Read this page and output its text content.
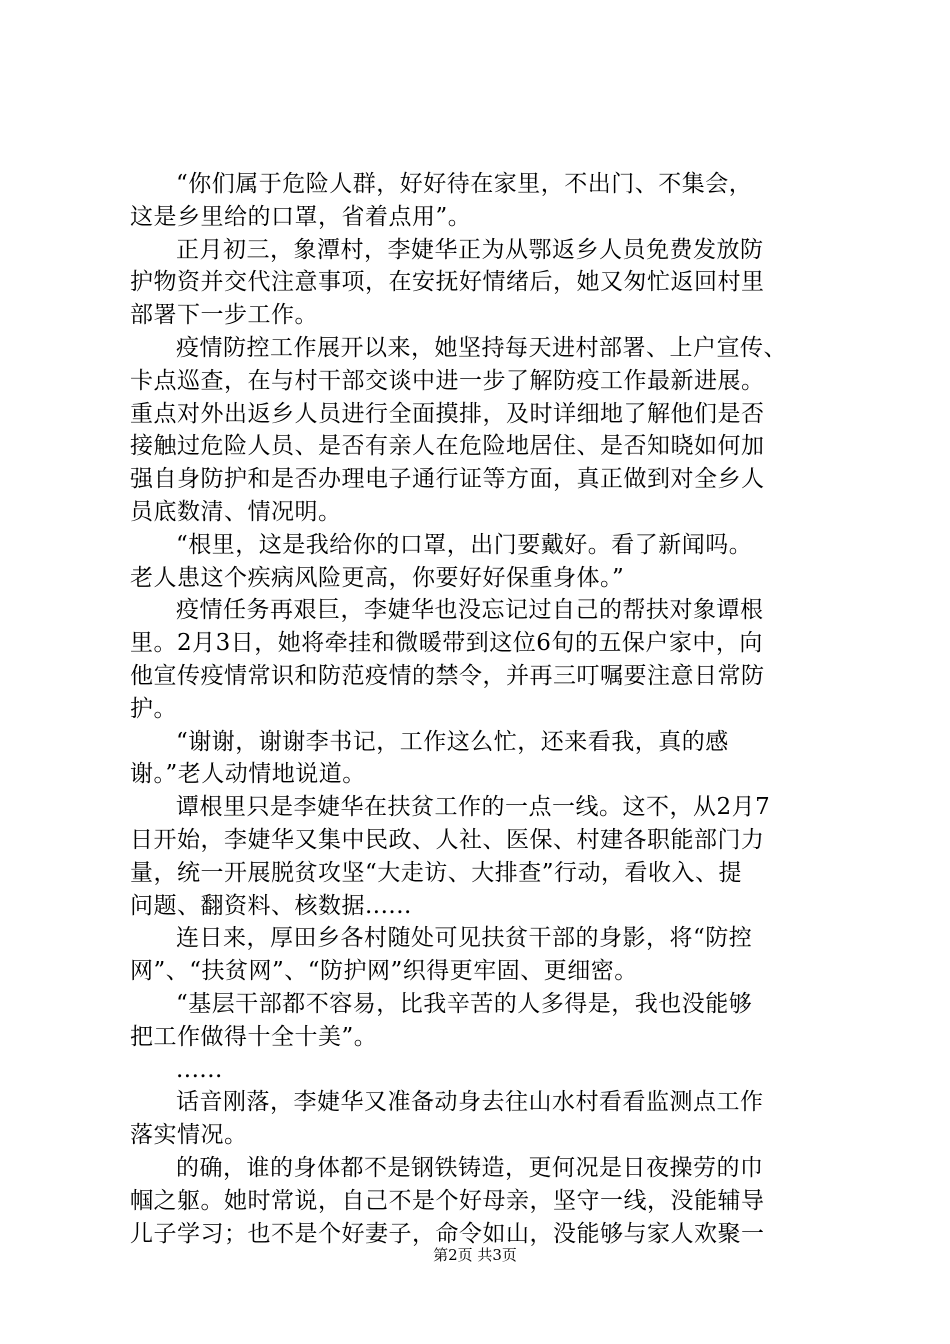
“你们属于危险人群，好好待在家里，不出门、不集会，
这是乡里给的口罩，省着点用”。

正月初三，象潭村，李婕华正为从鄂返乡人员免费发放防
护物资并交代注意事项，在安抚好情绪后，她又匆忙返回村里
部署下一步工作。

疫情防控工作展开以来，她坚持每天进村部署、上户宣传、
卡点巡查，在与村干部交谈中进一步了解防疫工作最新进展。
重点对外出返乡人员进行全面摸排，及时详细地了解他们是否
接触过危险人员、是否有亲人在危险地居住、是否知晓如何加
强自身防护和是否办理电子通行证等方面，真正做到对全乡人
员底数清、情况明。

“根里，这是我给你的口罩，出门要戴好。看了新闻吗。
老人患这个疾病风险更高，你要好好保重身体。”

疫情任务再艰巨，李婕华也没忘记过自己的帮扶对象谭根
里。2月3日，她将牵挂和微暖带到这位6旬的五保户家中，向
他宣传疫情常识和防范疫情的禁令，并再三叮嘱要注意日常防
护。

“谢谢，谢谢李书记，工作这么忙，还来看我，真的感
谢。”老人动情地说道。

谭根里只是李婕华在扶贫工作的一点一线。这不，从2月7
日开始，李婕华又集中民政、人社、医保、村建各职能部门力
量，统一开展脱贫攻坚“大走访、大排查”行动，看收入、提
问题、翻资料、核数据......

连日来，厚田乡各村随处可见扶贫干部的身影，将“防控
网”、“扶贫网”、“防护网”织得更牢固、更细密。

“基层干部都不容易，比我辛苦的人多得是，我也没能够
把工作做得十全十美”。

......

话音刚落，李婕华又准备动身去往山水村看看监测点工作
落实情况。

的确，谁的身体都不是钢铁铸造，更何况是日夜操劳的巾
帼之躯。她时常说，自己不是个好母亲，坚守一线，没能辅导
儿子学习；也不是个好妻子，命令如山，没能够与家人欢聚一

第2页 共3页
